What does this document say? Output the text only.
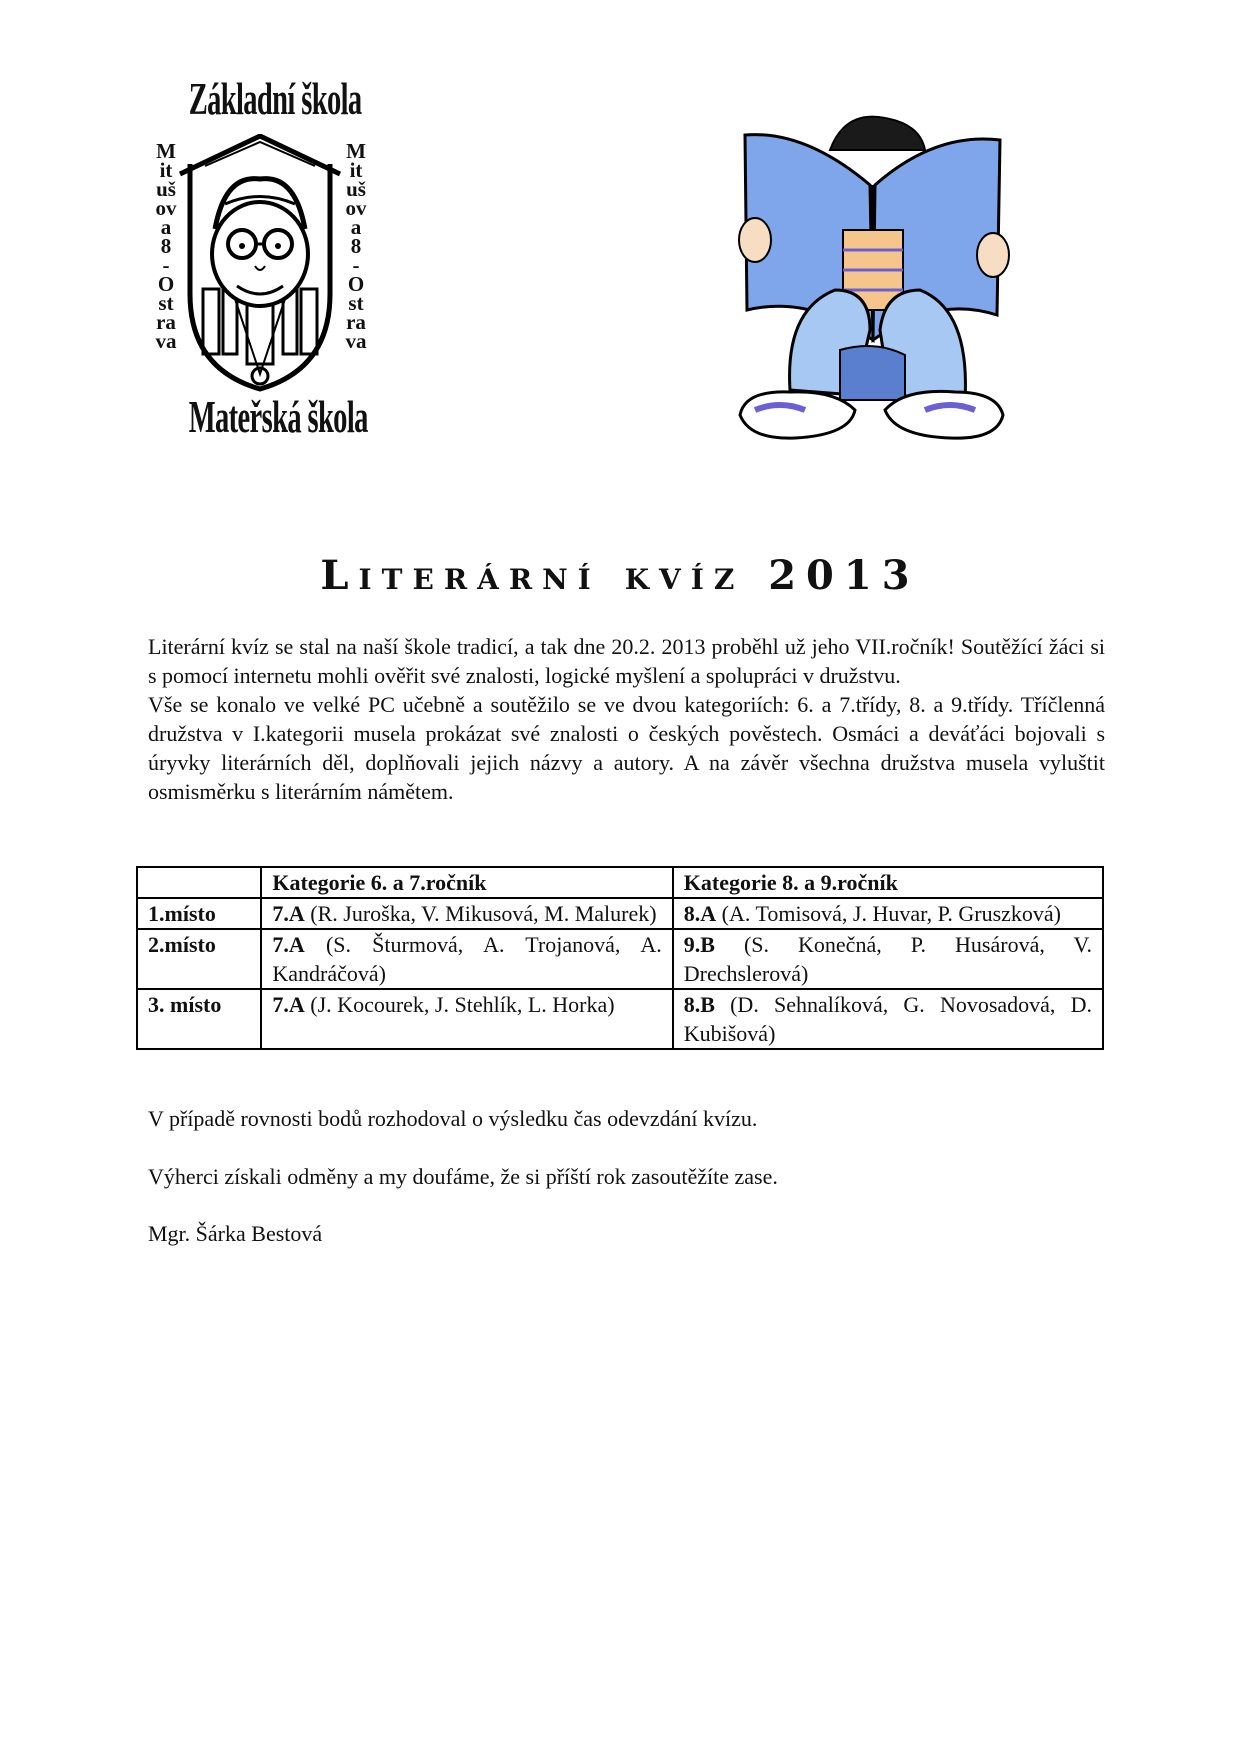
Základní škola
Mitušova 8 - Ostrava
Mitušova 8 - Ostrava
Mateřská škola
Literární kvíz 2013

Literární kvíz se stal na naší škole tradicí, a tak dne 20.2. 2013 proběhl už jeho VII.ročník! Soutěžící žáci si s pomocí internetu mohli ověřit své znalosti, logické myšlení a spolupráci v družstvu.

Vše se konalo ve velké PC učebně a soutěžilo se ve dvou kategoriích: 6. a 7.třídy, 8. a 9.třídy. Tříčlenná družstva v I.kategorii musela prokázat své znalosti o českých pověstech. Osmáci a deváťáci bojovali s úryvky literárních děl, doplňovali jejich názvy a autory. A na závěr všechna družstva musela vyluštit osmisměrku s literárním námětem.

	Kategorie 6. a 7.ročník	Kategorie 8. a 9.ročník
1.místo	7.A (R. Juroška, V. Mikusová, M. Malurek)	8.A (A. Tomisová, J. Huvar, P. Gruszková)
2.místo	7.A (S. Šturmová, A. Trojanová, A. Kandráčová)	9.B (S. Konečná, P. Husárová, V. Drechslerová)
3. místo	7.A (J. Kocourek, J. Stehlík, L. Horka)	8.B (D. Sehnalíková, G. Novosadová, D. Kubišová)

V případě rovnosti bodů rozhodoval o výsledku čas odevzdání kvízu.

Výherci získali odměny a my doufáme, že si příští rok zasoutěžíte zase.

Mgr. Šárka Bestová
